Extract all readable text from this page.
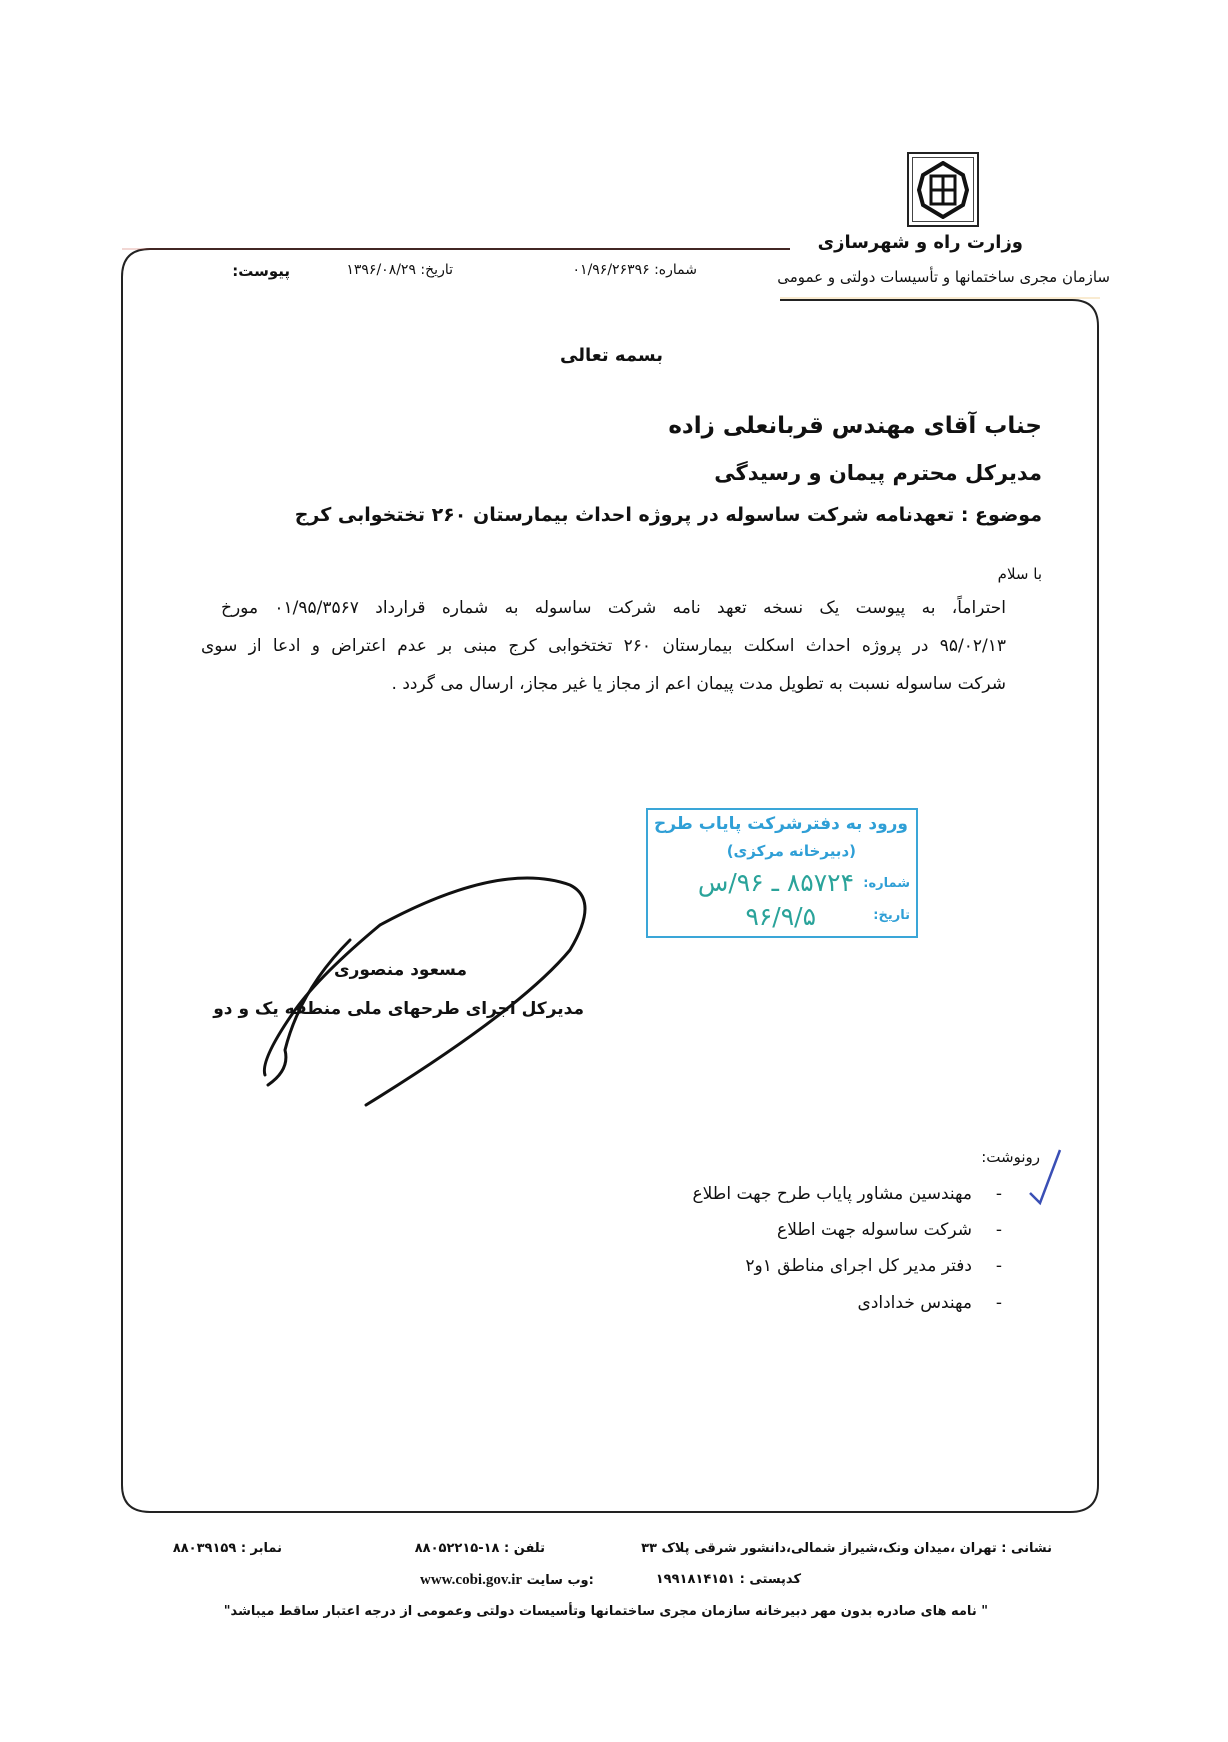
وزارت راه و شهرسازی
سازمان مجری ساختمانها و تأسیسات دولتی و عمومی
شماره: ۰۱/۹۶/۲۶۳۹۶
تاریخ: ۱۳۹۶/۰۸/۲۹
پیوست:
بسمه تعالی
جناب آقای مهندس قربانعلی زاده
مدیرکل محترم پیمان و رسیدگی
موضوع : تعهدنامه شرکت ساسوله در پروژه احداث بیمارستان ۲۶۰ تختخوابی کرج
با سلام
احتراماً، به پیوست یک نسخه تعهد نامه شرکت ساسوله به شماره قرارداد ۰۱/۹۵/۳۵۶۷ مورخ
۹۵/۰۲/۱۳ در پروژه احداث اسکلت بیمارستان ۲۶۰ تختخوابی کرج مبنی بر عدم اعتراض و ادعا از سوی
شرکت ساسوله نسبت به تطویل مدت پیمان اعم از مجاز یا غیر مجاز، ارسال می گردد .
ورود به دفترشرکت پایاب طرح
(دبیرخانه مرکزی)
شماره:
۸۵۷۲۴ ـ ۹۶/س
تاریخ:
۹۶/۹/۵
مسعود منصوری
مدیرکل اجرای طرحهای ملی منطقه یک و دو
رونوشت:
-
مهندسین مشاور پایاب طرح جهت اطلاع
-
شرکت ساسوله جهت اطلاع
-
دفتر مدیر کل اجرای مناطق ۱و۲
-
مهندس خدادادی
نشانی : تهران ،میدان ونک،شیراز شمالی،دانشور شرقی پلاک ۳۳
تلفن : ۱۸-۸۸۰۵۲۲۱۵
نمابر : ۸۸۰۳۹۱۵۹
کدپستی : ۱۹۹۱۸۱۴۱۵۱
www.cobi.gov.ir وب سایت:
" نامه های صادره بدون مهر دبیرخانه سازمان مجری ساختمانها وتأسیسات دولتی وعمومی از درجه اعتبار ساقط میباشد"
